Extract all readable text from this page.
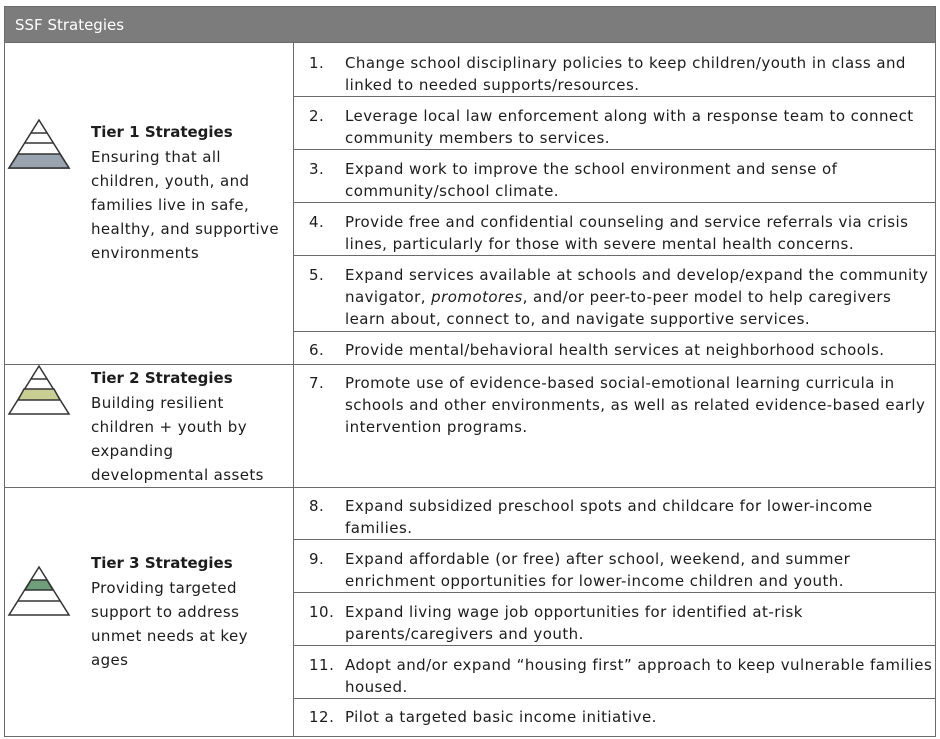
SSF Strategies
Tier 1 Strategies
Ensuring that all children, youth, and families live in safe, healthy, and supportive environments
Tier 2 Strategies
Building resilient children + youth by expanding developmental assets
Tier 3 Strategies
Providing targeted support to address unmet needs at key ages
1. Change school disciplinary policies to keep children/youth in class and linked to needed supports/resources.
2. Leverage local law enforcement along with a response team to connect community members to services.
3. Expand work to improve the school environment and sense of community/school climate.
4. Provide free and confidential counseling and service referrals via crisis lines, particularly for those with severe mental health concerns.
5. Expand services available at schools and develop/expand the community navigator, promotores, and/or peer-to-peer model to help caregivers learn about, connect to, and navigate supportive services.
6. Provide mental/behavioral health services at neighborhood schools.
7. Promote use of evidence-based social-emotional learning curricula in schools and other environments, as well as related evidence-based early intervention programs.
8. Expand subsidized preschool spots and childcare for lower-income families.
9. Expand affordable (or free) after school, weekend, and summer enrichment opportunities for lower-income children and youth.
10. Expand living wage job opportunities for identified at-risk parents/caregivers and youth.
11. Adopt and/or expand “housing first” approach to keep vulnerable families housed.
12. Pilot a targeted basic income initiative.
